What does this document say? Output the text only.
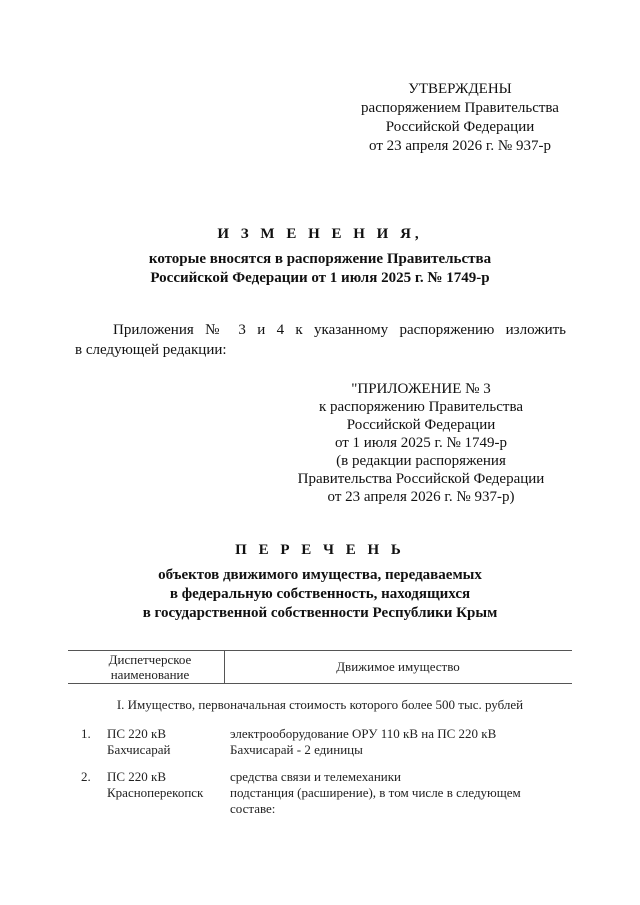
УТВЕРЖДЕНЫ
распоряжением Правительства
Российской Федерации
от 23 апреля 2026 г. № 937-р
И З М Е Н Е Н И Я,
которые вносятся в распоряжение Правительства
Российской Федерации от 1 июля 2025 г. № 1749-р
Приложения № 3 и 4 к указанному распоряжению изложить
в следующей редакции:
"ПРИЛОЖЕНИЕ № 3
к распоряжению Правительства
Российской Федерации
от 1 июля 2025 г. № 1749-р
(в редакции распоряжения
Правительства Российской Федерации
от 23 апреля 2026 г. № 937-р)
П Е Р Е Ч Е Н Ь
объектов движимого имущества, передаваемых
в федеральную собственность, находящихся
в государственной собственности Республики Крым
Диспетчерское
наименование
Движимое имущество
I. Имущество, первоначальная стоимость которого более 500 тыс. рублей
1. ПС 220 кВ
Бахчисарай
электрооборудование ОРУ 110 кВ на ПС 220 кВ
Бахчисарай - 2 единицы
2. ПС 220 кВ
Красноперекопск
средства связи и телемеханики
подстанция (расширение), в том числе в следующем
составе:
